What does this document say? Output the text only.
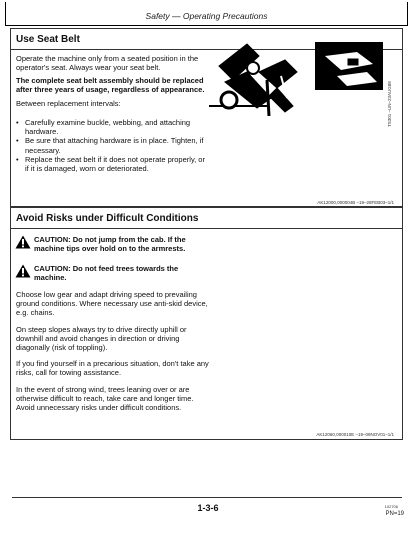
Safety — Operating Precautions
Use Seat Belt
Operate the machine only from a seated position in the
operator's seat. Always wear your seat belt.
The complete seat belt assembly should be replaced
after three years of usage, regardless of appearance.
Between replacement intervals:
• Carefully examine buckle, webbing, and attaching
hardware.
• Be sure that attaching hardware is in place. Tighten, if
necessary.
• Replace the seat belt if it does not operate properly, or
if it is damaged, worn or deteriorated.
TS301 –UN–23AUG88
AK12000,000004B –19–28FEB03–1/1
Avoid Risks under Difficult Conditions
CAUTION: Do not jump from the cab. If the
machine tips over hold on to the armrests.
CAUTION: Do not feed trees towards the
machine.
Choose low gear and adapt driving speed to prevailing
ground conditions. Where necessary use anti-skid device,
e.g. chains.
On steep slopes always try to drive directly uphill or
downhill and avoid changes in direction or driving
diagonally (risk of toppling).
If you find yourself in a precarious situation, don't take any
risks, call for towing assistance.
In the event of strong wind, trees leaning over or are
otherwise difficult to reach, take care and longer time.
Avoid unnecessary risks under difficult conditions.
AK12060,000010E –19–09NOV01–1/1
1-3-6	102706
PN=19
